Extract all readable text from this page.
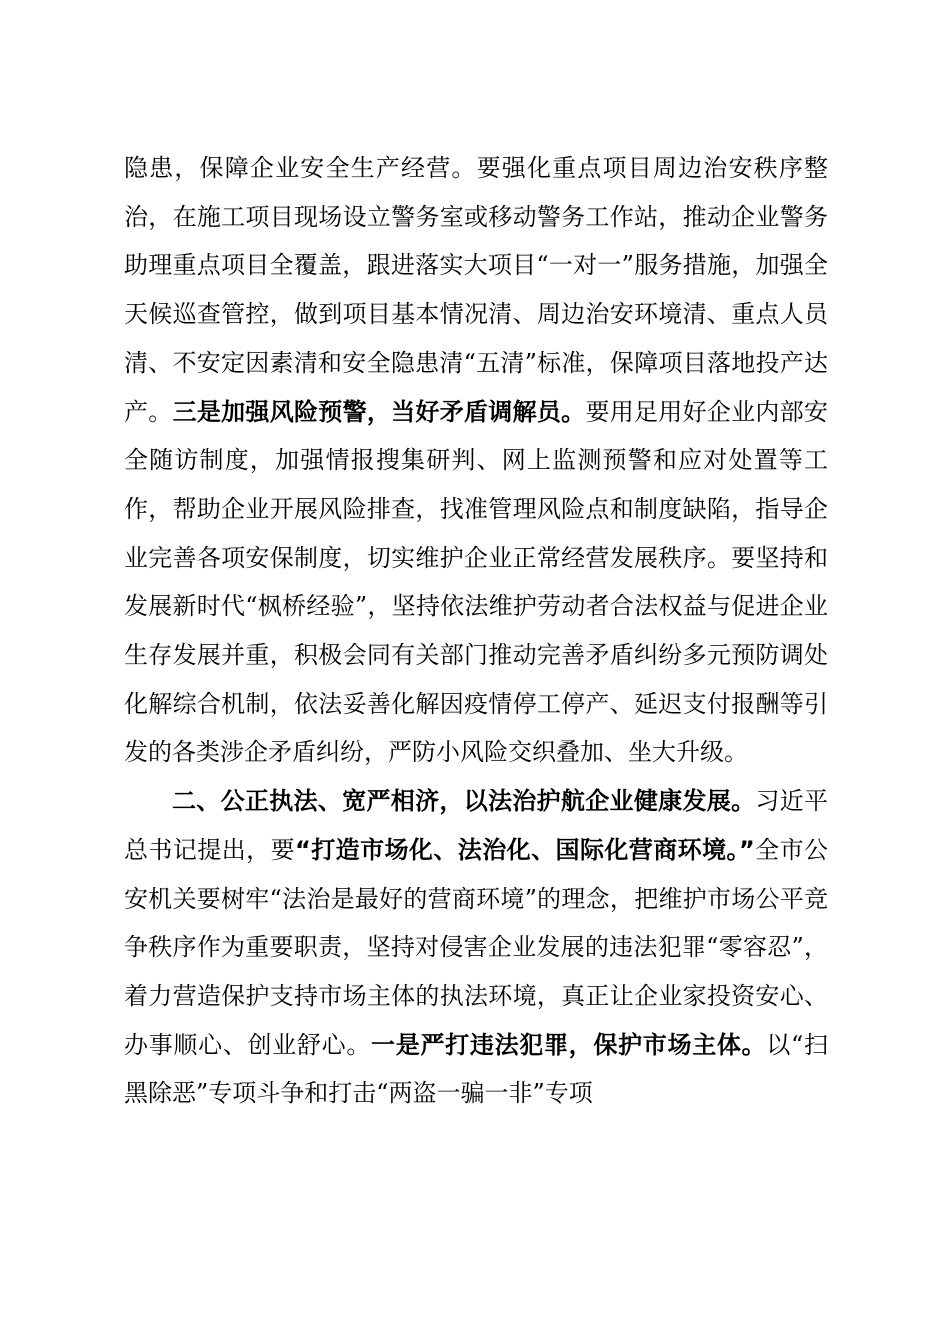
隐患，保障企业安全生产经营。要强化重点项目周边治安秩序整治，在施工项目现场设立警务室或移动警务工作站，推动企业警务助理重点项目全覆盖，跟进落实大项目“一对一”服务措施，加强全天候巡查管控，做到项目基本情况清、周边治安环境清、重点人员清、不安定因素清和安全隐患清“五清”标准，保障项目落地投产达产。三是加强风险预警，当好矛盾调解员。要用足用好企业内部安全随访制度，加强情报搜集研判、网上监测预警和应对处置等工作，帮助企业开展风险排查，找准管理风险点和制度缺陷，指导企业完善各项安保制度，切实维护企业正常经营发展秩序。要坚持和发展新时代“枫桥经验”，坚持依法维护劳动者合法权益与促进企业生存发展并重，积极会同有关部门推动完善矛盾纠纷多元预防调处化解综合机制，依法妥善化解因疫情停工停产、延迟支付报酬等引发的各类涉企矛盾纠纷，严防小风险交织叠加、坐大升级。

二、公正执法、宽严相济，以法治护航企业健康发展。习近平总书记提出，要“打造市场化、法治化、国际化营商环境。”全市公安机关要树牢“法治是最好的营商环境”的理念，把维护市场公平竞争秩序作为重要职责，坚持对侵害企业发展的违法犯罪“零容忍”，着力营造保护支持市场主体的执法环境，真正让企业家投资安心、办事顺心、创业舒心。一是严打违法犯罪，保护市场主体。以“扫黑除恶”专项斗争和打击“两盗一骗一非”专项
